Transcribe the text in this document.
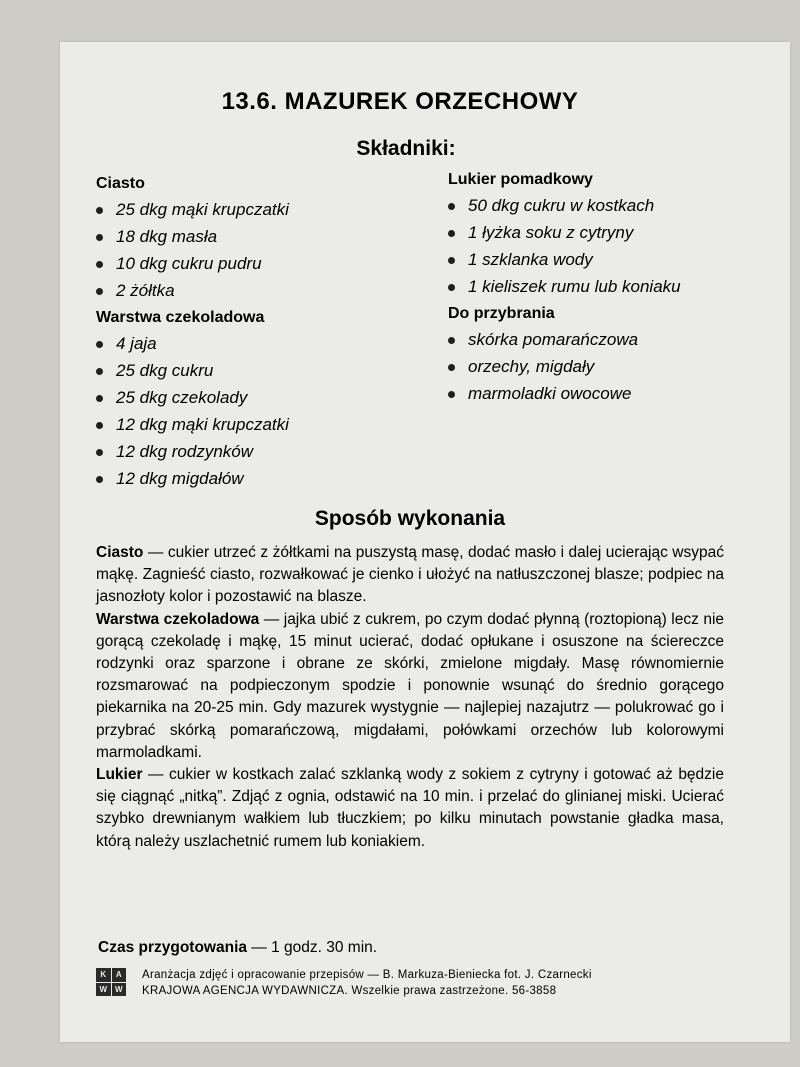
13.6. MAZUREK ORZECHOWY
Składniki:
Ciasto
25 dkg mąki krupczatki
18 dkg masła
10 dkg cukru pudru
2 żółtka
Warstwa czekoladowa
4 jaja
25 dkg cukru
25 dkg czekolady
12 dkg mąki krupczatki
12 dkg rodzynków
12 dkg migdałów
Lukier pomadkowy
50 dkg cukru w kostkach
1 łyżka soku z cytryny
1 szklanka wody
1 kieliszek rumu lub koniaku
Do przybrania
skórka pomarańczowa
orzechy, migdały
marmoladki owocowe
Sposób wykonania

Ciasto — cukier utrzeć z żółtkami na puszystą masę, dodać masło i dalej ucierając wsypać mąkę. Zagnieść ciasto, rozwałkować je cienko i ułożyć na natłuszczonej blasze; podpiec na jasnozłoty kolor i pozostawić na blasze.

Warstwa czekoladowa — jajka ubić z cukrem, po czym dodać płynną (roztopioną) lecz nie gorącą czekoladę i mąkę, 15 minut ucierać, dodać opłukane i osuszone na ściereczce rodzynki oraz sparzone i obrane ze skórki, zmielone migdały. Masę równomiernie rozsmarować na podpieczonym spodzie i ponownie wsunąć do średnio gorącego piekarnika na 20-25 min. Gdy mazurek wystygnie — najlepiej nazajutrz — polukrować go i przybrać skórką pomarańczową, migdałami, połówkami orzechów lub kolorowymi marmoladkami.

Lukier — cukier w kostkach zalać szklanką wody z sokiem z cytryny i gotować aż będzie się ciągnąć „nitką”. Zdjąć z ognia, odstawić na 10 min. i przelać do glinianej miski. Ucierać szybko drewnianym wałkiem lub tłuczkiem; po kilku minutach powstanie gładka masa, którą należy uszlachetnić rumem lub koniakiem.

Czas przygotowania — 1 godz. 30 min.
K	A
W W
Aranżacja zdjęć i opracowanie przepisów — B. Markuza-Bieniecka fot. J. Czarnecki
KRAJOWA AGENCJA WYDAWNICZA. Wszelkie prawa zastrzeżone. 56-3858
